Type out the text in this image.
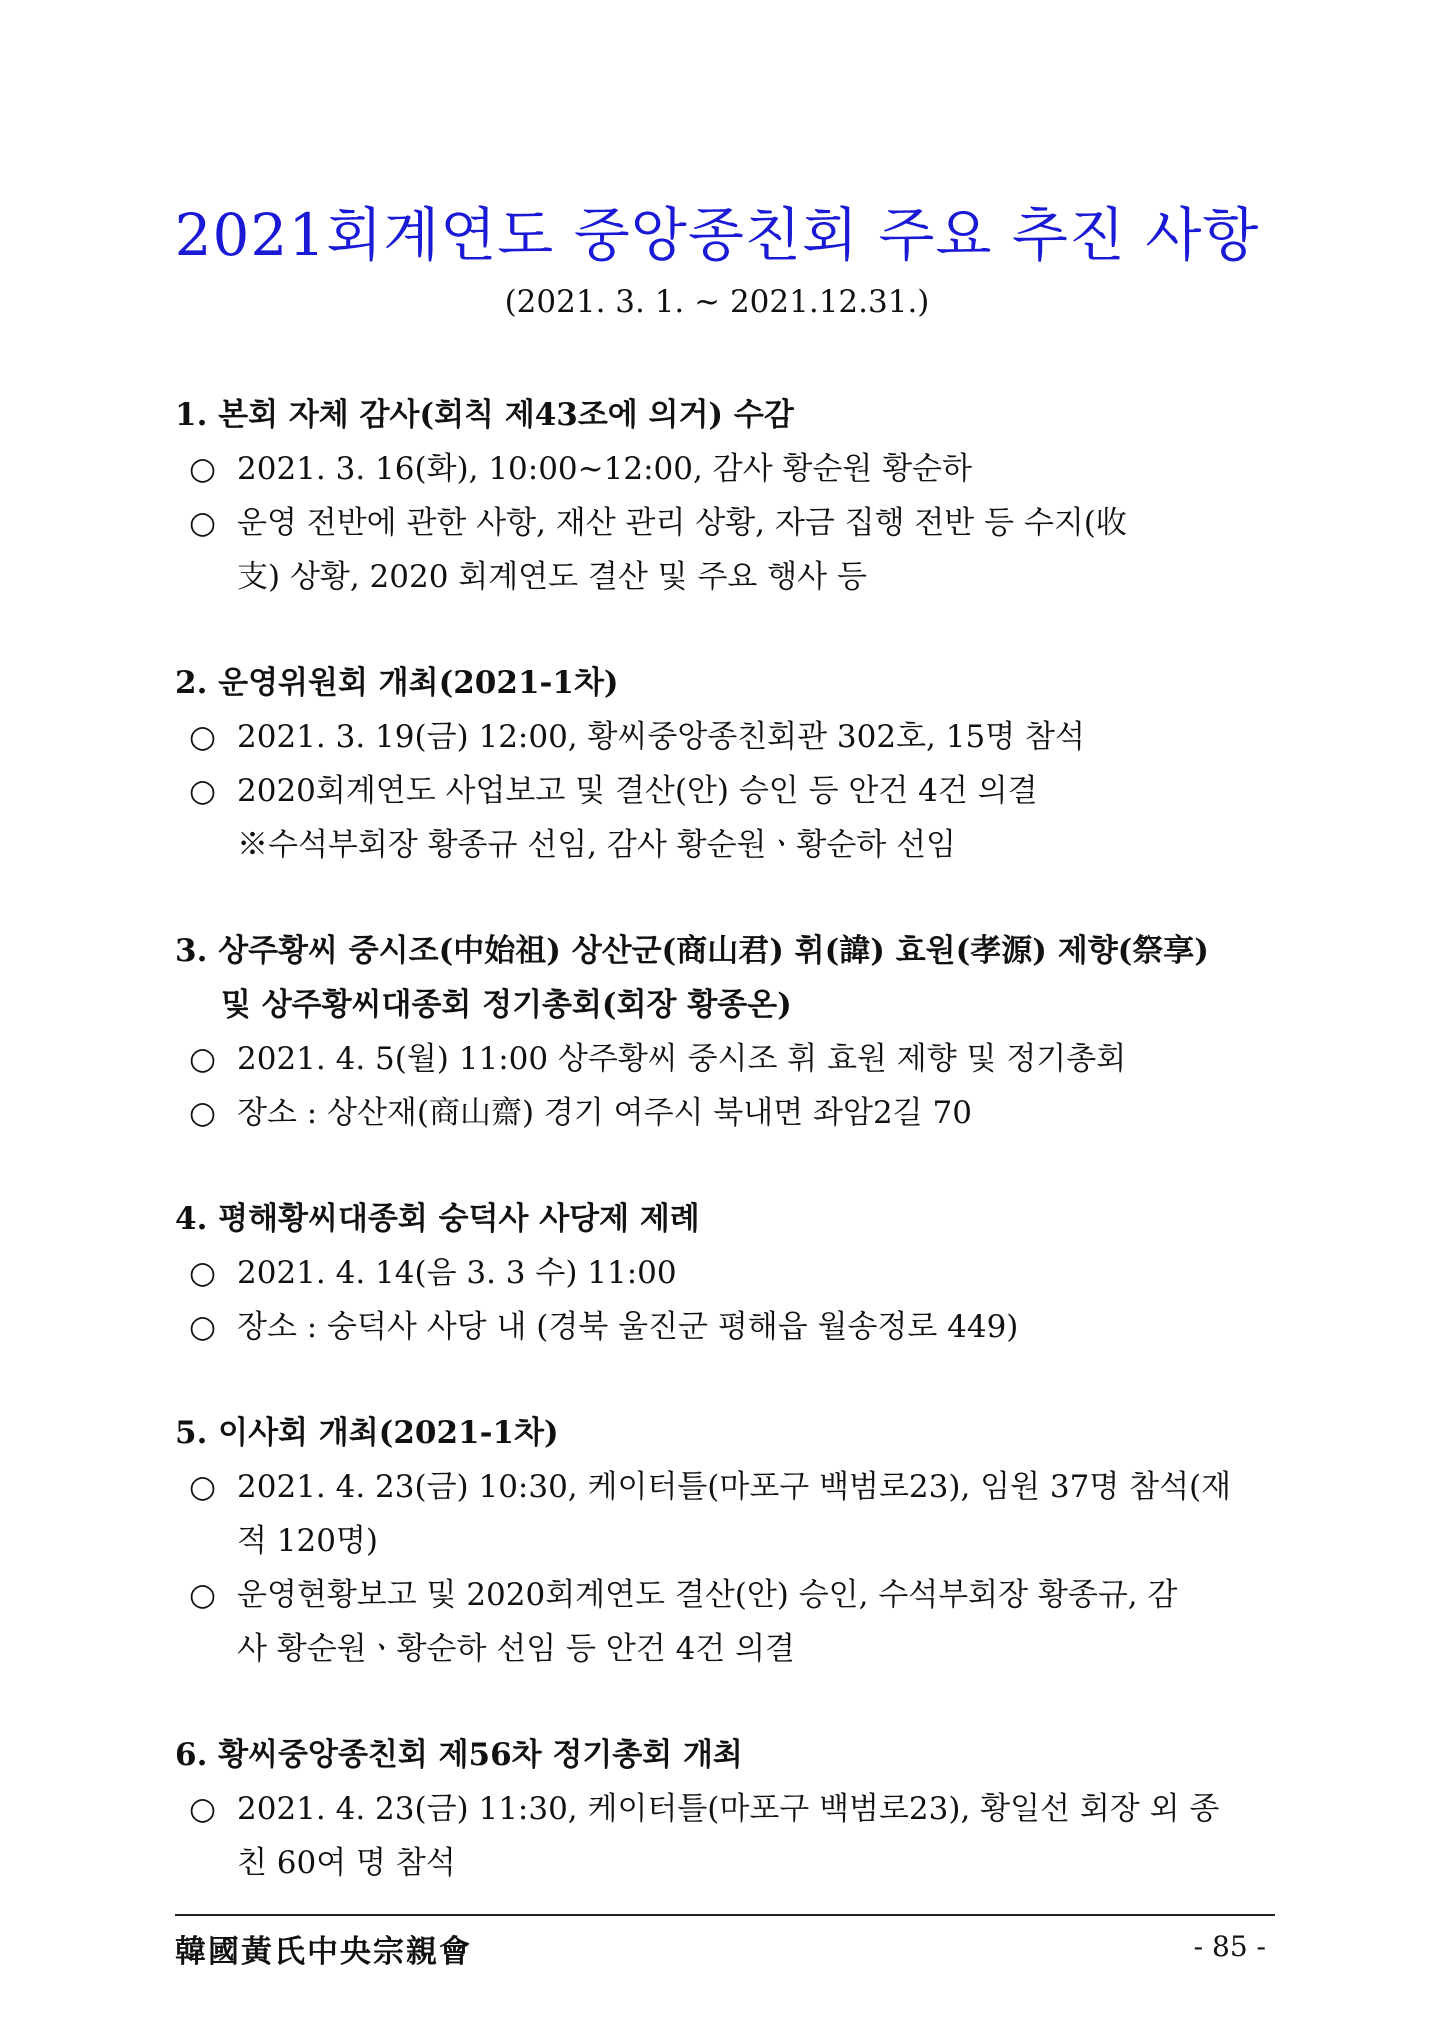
2021회계연도 중앙종친회 주요 추진 사항

(2021. 3. 1. ~ 2021.12.31.)

1. 본회 자체 감사(회칙 제43조에 의거) 수감
○ 2021. 3. 16(화), 10:00~12:00, 감사 황순원 황순하
○ 운영 전반에 관한 사항, 재산 관리 상황, 자금 집행 전반 등 수지(收
支) 상황, 2020 회계연도 결산 및 주요 행사 등
2. 운영위원회 개최(2021-1차)
○ 2021. 3. 19(금) 12:00, 황씨중앙종친회관 302호, 15명 참석
○ 2020회계연도 사업보고 및 결산(안) 승인 등 안건 4건 의결
※수석부회장 황종규 선임, 감사 황순원ㆍ황순하 선임
3. 상주황씨 중시조(中始祖) 상산군(商山君) 휘(諱) 효원(孝源) 제향(祭享)
및 상주황씨대종회 정기총회(회장 황종온)
○ 2021. 4. 5(월) 11:00 상주황씨 중시조 휘 효원 제향 및 정기총회
○ 장소 : 상산재(商山齋) 경기 여주시 북내면 좌암2길 70
4. 평해황씨대종회 숭덕사 사당제 제례
○ 2021. 4. 14(음 3. 3 수) 11:00
○ 장소 : 숭덕사 사당 내 (경북 울진군 평해읍 월송정로 449)
5. 이사회 개최(2021-1차)
○ 2021. 4. 23(금) 10:30, 케이터틀(마포구 백범로23), 임원 37명 참석(재
적 120명)
○ 운영현황보고 및 2020회계연도 결산(안) 승인, 수석부회장 황종규, 감
사 황순원ㆍ황순하 선임 등 안건 4건 의결
6. 황씨중앙종친회 제56차 정기총회 개최
○ 2021. 4. 23(금) 11:30, 케이터틀(마포구 백범로23), 황일선 회장 외 종
친 60여 명 참석
韓國黃氏中央宗親會	- 85 -
